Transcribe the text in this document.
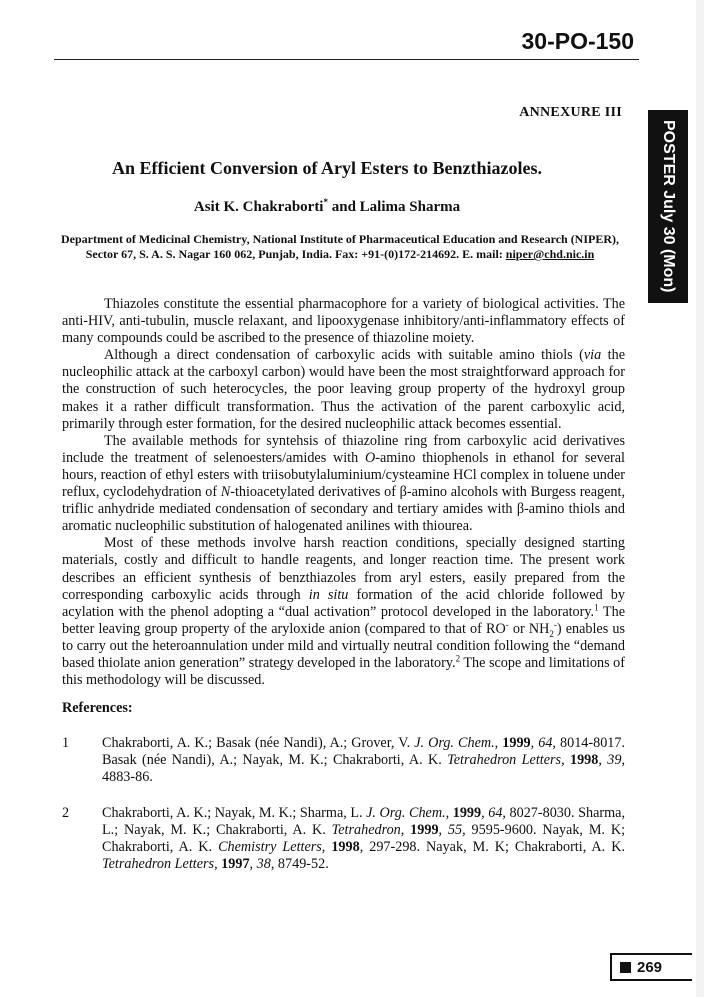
30-PO-150
ANNEXURE III
POSTER July 30 (Mon)
An Efficient Conversion of Aryl Esters to Benzthiazoles.
Asit K. Chakraborti* and Lalima Sharma
Department of Medicinal Chemistry, National Institute of Pharmaceutical Education and Research (NIPER),
Sector 67, S. A. S. Nagar 160 062, Punjab, India. Fax: +91-(0)172-214692. E. mail: niper@chd.nic.in

Thiazoles constitute the essential pharmacophore for a variety of biological activities. The anti-HIV, anti-tubulin, muscle relaxant, and lipooxygenase inhibitory/anti-inflammatory effects of many compounds could be ascribed to the presence of thiazoline moiety.

Although a direct condensation of carboxylic acids with suitable amino thiols (via the nucleophilic attack at the carboxyl carbon) would have been the most straightforward approach for the construction of such heterocycles, the poor leaving group property of the hydroxyl group makes it a rather difficult transformation. Thus the activation of the parent carboxylic acid, primarily through ester formation, for the desired nucleophilic attack becomes essential.

The available methods for syntehsis of thiazoline ring from carboxylic acid derivatives include the treatment of selenoesters/amides with O-amino thiophenols in ethanol for several hours, reaction of ethyl esters with triisobutylaluminium/cysteamine HCl complex in toluene under reflux, cyclodehydration of N-thioacetylated derivatives of β-amino alcohols with Burgess reagent, triflic anhydride mediated condensation of secondary and tertiary amides with β-amino thiols and aromatic nucleophilic substitution of halogenated anilines with thiourea.

Most of these methods involve harsh reaction conditions, specially designed starting materials, costly and difficult to handle reagents, and longer reaction time. The present work describes an efficient synthesis of benzthiazoles from aryl esters, easily prepared from the corresponding carboxylic acids through in situ formation of the acid chloride followed by acylation with the phenol adopting a “dual activation” protocol developed in the laboratory.$^1$ The better leaving group property of the aryloxide anion (compared to that of RO- or $NH_2^-$) enables us to carry out the heteroannulation under mild and virtually neutral condition following the “demand based thiolate anion generation” strategy developed in the laboratory.$^2$ The scope and limitations of this methodology will be discussed.

References:
1 Chakraborti, A. K.; Basak (née Nandi), A.; Grover, V. J. Org. Chem., 1999, 64, 8014-8017. Basak (née Nandi), A.; Nayak, M. K.; Chakraborti, A. K. Tetrahedron Letters, 1998, 39, 4883-86.
2 Chakraborti, A. K.; Nayak, M. K.; Sharma, L. J. Org. Chem., 1999, 64, 8027-8030. Sharma, L.; Nayak, M. K.; Chakraborti, A. K. Tetrahedron, 1999, 55, 9595-9600. Nayak, M. K; Chakraborti, A. K. Chemistry Letters, 1998, 297-298. Nayak, M. K; Chakraborti, A. K. Tetrahedron Letters, 1997, 38, 8749-52.
269
